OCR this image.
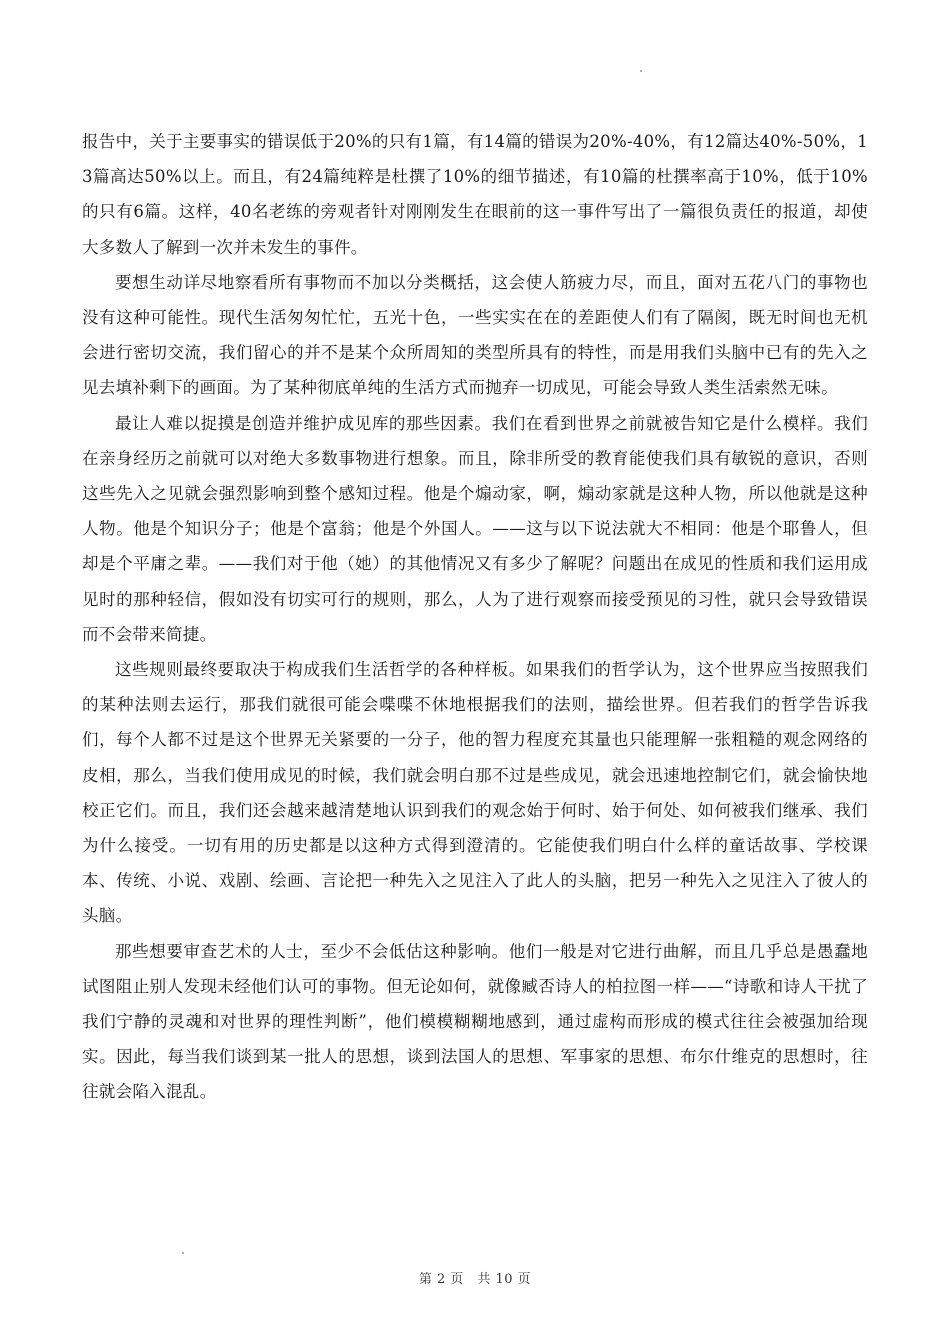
报告中，关于主要事实的错误低于20%的只有1篇，有14篇的错误为20%-40%，有12篇达40%-50%，13篇高达50%以上。而且，有24篇纯粹是杜撰了10%的细节描述，有10篇的杜撰率高于10%，低于10%的只有6篇。这样，40名老练的旁观者针对刚刚发生在眼前的这一事件写出了一篇很负责任的报道，却使大多数人了解到一次并未发生的事件。

要想生动详尽地察看所有事物而不加以分类概括，这会使人筋疲力尽，而且，面对五花八门的事物也没有这种可能性。现代生活匆匆忙忙，五光十色，一些实实在在的差距使人们有了隔阂，既无时间也无机会进行密切交流，我们留心的并不是某个众所周知的类型所具有的特性，而是用我们头脑中已有的先入之见去填补剩下的画面。为了某种彻底单纯的生活方式而抛弃一切成见，可能会导致人类生活索然无味。

最让人难以捉摸是创造并维护成见库的那些因素。我们在看到世界之前就被告知它是什么模样。我们在亲身经历之前就可以对绝大多数事物进行想象。而且，除非所受的教育能使我们具有敏锐的意识，否则这些先入之见就会强烈影响到整个感知过程。他是个煽动家，啊，煽动家就是这种人物，所以他就是这种人物。他是个知识分子；他是个富翁；他是个外国人。——这与以下说法就大不相同：他是个耶鲁人，但却是个平庸之辈。——我们对于他（她）的其他情况又有多少了解呢？问题出在成见的性质和我们运用成见时的那种轻信，假如没有切实可行的规则，那么，人为了进行观察而接受预见的习性，就只会导致错误而不会带来简捷。

这些规则最终要取决于构成我们生活哲学的各种样板。如果我们的哲学认为，这个世界应当按照我们的某种法则去运行，那我们就很可能会喋喋不休地根据我们的法则，描绘世界。但若我们的哲学告诉我们，每个人都不过是这个世界无关紧要的一分子，他的智力程度充其量也只能理解一张粗糙的观念网络的皮相，那么，当我们使用成见的时候，我们就会明白那不过是些成见，就会迅速地控制它们，就会愉快地校正它们。而且，我们还会越来越清楚地认识到我们的观念始于何时、始于何处、如何被我们继承、我们为什么接受。一切有用的历史都是以这种方式得到澄清的。它能使我们明白什么样的童话故事、学校课本、传统、小说、戏剧、绘画、言论把一种先入之见注入了此人的头脑，把另一种先入之见注入了彼人的头脑。

那些想要审查艺术的人士，至少不会低估这种影响。他们一般是对它进行曲解，而且几乎总是愚蠢地试图阻止别人发现未经他们认可的事物。但无论如何，就像臧否诗人的柏拉图一样——“诗歌和诗人干扰了我们宁静的灵魂和对世界的理性判断”，他们模模糊糊地感到，通过虚构而形成的模式往往会被强加给现实。因此，每当我们谈到某一批人的思想，谈到法国人的思想、军事家的思想、布尔什维克的思想时，往往就会陷入混乱。

第 2 页　共 10 页
